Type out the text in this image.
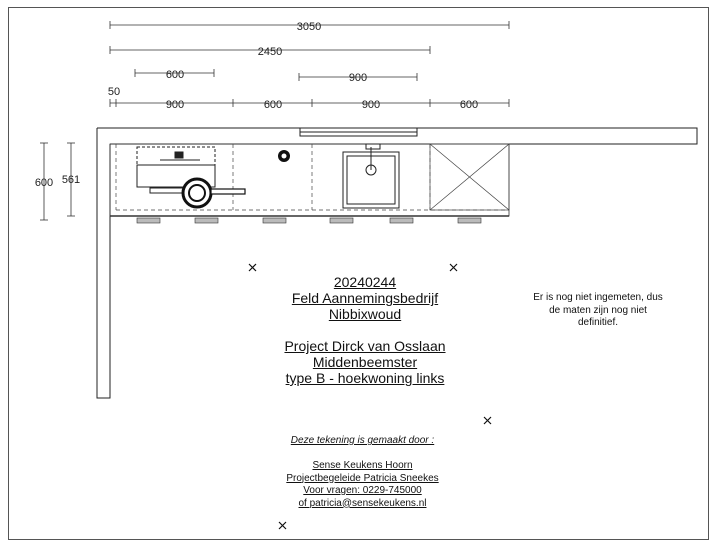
3050
2450
600	900
50
900	600	900	600
600 561
20240244
Feld Aannemingsbedrijf
Nibbixwoud
Project Dirck van Osslaan
Middenbeemster
type B - hoekwoning links
Deze tekening is gemaakt door :

Sense Keukens Hoorn
Projectbegeleide Patricia Sneekes
Voor vragen: 0229-745000
of patricia@sensekeukens.nl
Er is nog niet ingemeten, dus de maten zijn nog niet definitief.
